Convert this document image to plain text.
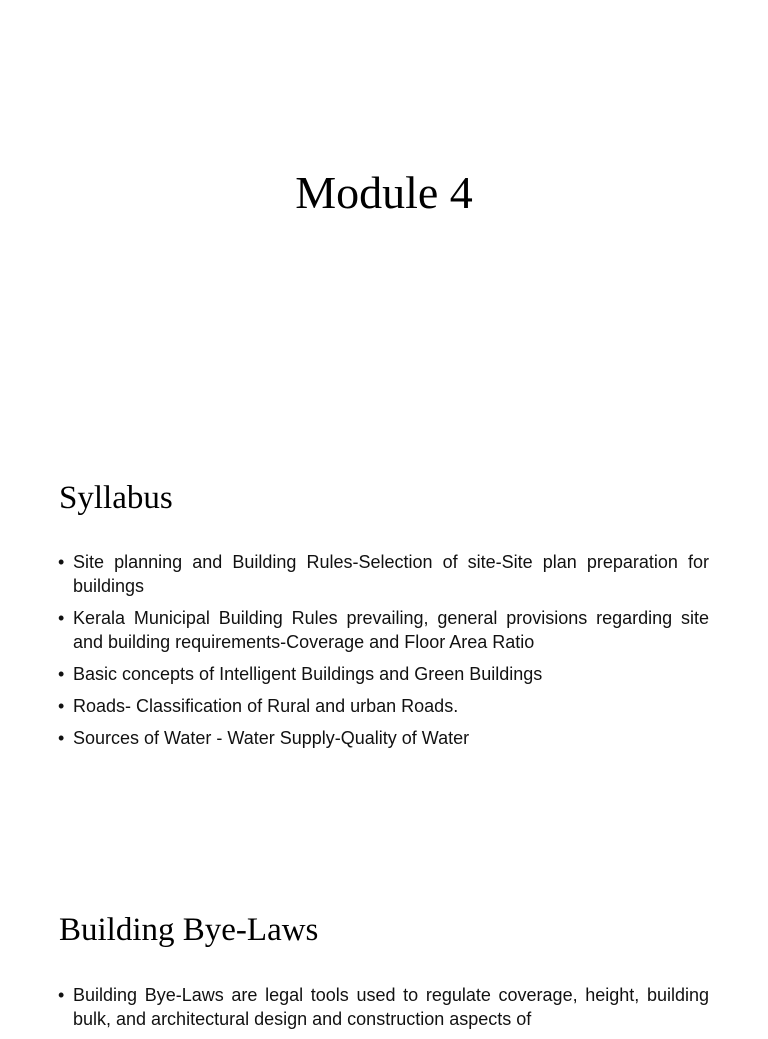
Module 4
Syllabus
• Site planning and Building Rules-Selection of site-Site plan preparation for buildings
• Kerala Municipal Building Rules prevailing, general provisions regarding site and building requirements-Coverage and Floor Area Ratio
• Basic concepts of Intelligent Buildings and Green Buildings
• Roads- Classification of Rural and urban Roads.
• Sources of Water - Water Supply-Quality of Water
Building Bye-Laws
• Building Bye-Laws are legal tools used to regulate coverage, height, building bulk, and architectural design and construction aspects of
